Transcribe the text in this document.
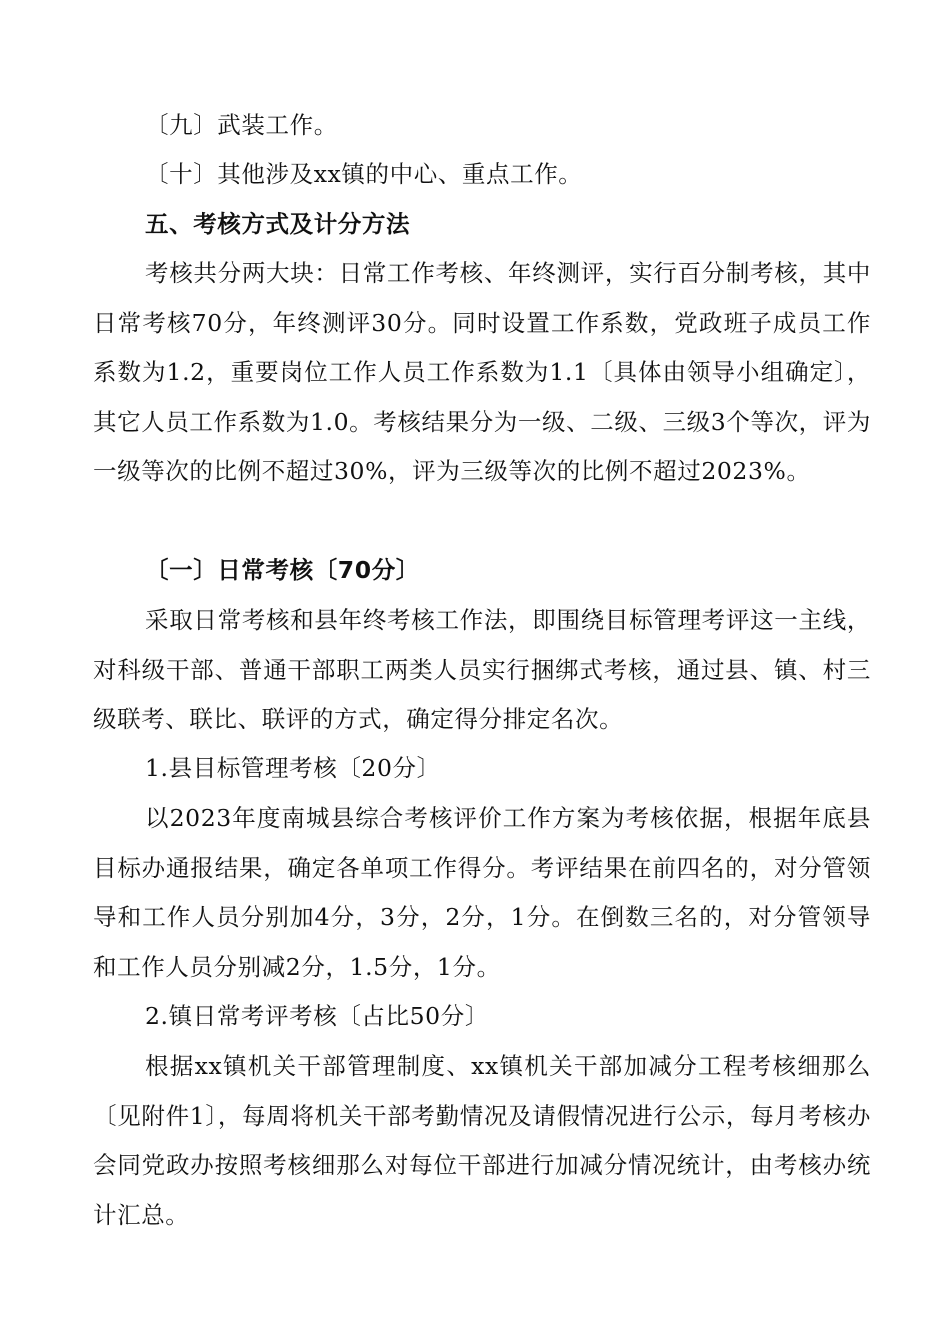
〔九〕武装工作。

〔十〕其他涉及xx镇的中心、重点工作。

五、考核方式及计分方法

考核共分两大块：日常工作考核、年终测评，实行百分制考核，其中日常考核70分，年终测评30分。同时设置工作系数，党政班子成员工作系数为1.2，重要岗位工作人员工作系数为1.1〔具体由领导小组确定〕，其它人员工作系数为1.0。考核结果分为一级、二级、三级3个等次，评为一级等次的比例不超过30%，评为三级等次的比例不超过2023%。

〔一〕日常考核〔70分〕

采取日常考核和县年终考核工作法，即围绕目标管理考评这一主线，对科级干部、普通干部职工两类人员实行捆绑式考核，通过县、镇、村三级联考、联比、联评的方式，确定得分排定名次。

1.县目标管理考核〔20分〕

以2023年度南城县综合考核评价工作方案为考核依据，根据年底县目标办通报结果，确定各单项工作得分。考评结果在前四名的，对分管领导和工作人员分别加4分，3分，2分，1分。在倒数三名的，对分管领导和工作人员分别减2分，1.5分，1分。

2.镇日常考评考核〔占比50分〕

根据xx镇机关干部管理制度、xx镇机关干部加减分工程考核细那么〔见附件1〕，每周将机关干部考勤情况及请假情况进行公示，每月考核办会同党政办按照考核细那么对每位干部进行加减分情况统计，由考核办统计汇总。
